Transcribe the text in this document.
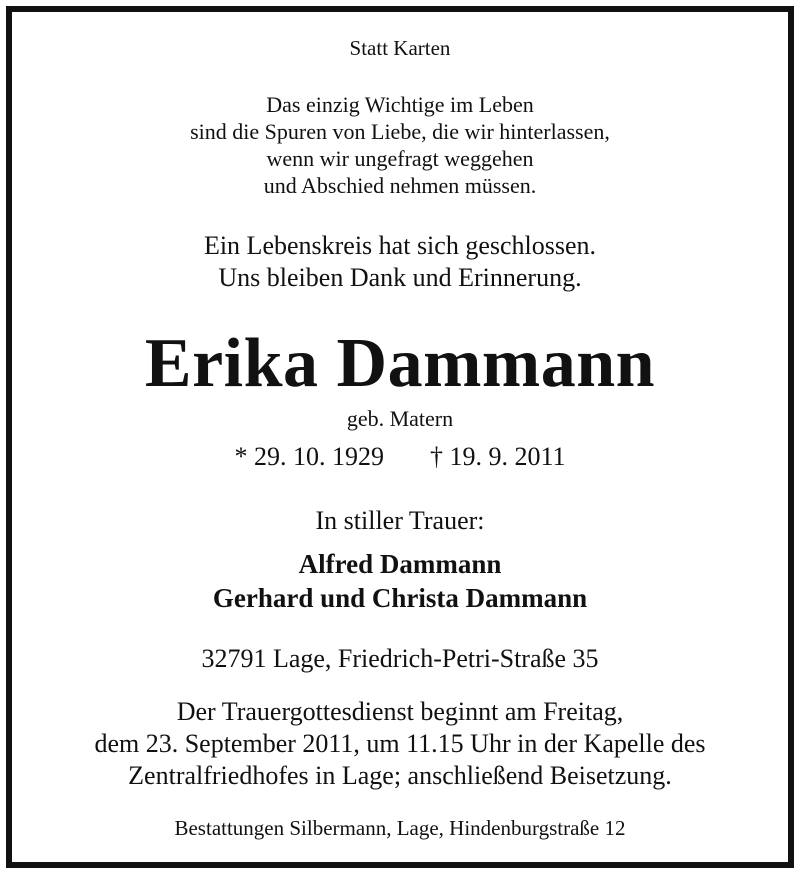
Statt Karten

Das einzig Wichtige im Leben

sind die Spuren von Liebe, die wir hinterlassen,

wenn wir ungefragt weggehen

und Abschied nehmen müssen.

Ein Lebenskreis hat sich geschlossen.

Uns bleiben Dank und Erinnerung.

Erika Dammann

geb. Matern

* 29. 10. 1929 † 19. 9. 2011

In stiller Trauer:

Alfred Dammann

Gerhard und Christa Dammann

32791 Lage, Friedrich-Petri-Straße 35

Der Trauergottesdienst beginnt am Freitag,

dem 23. September 2011, um 11.15 Uhr in der Kapelle des

Zentralfriedhofes in Lage; anschließend Beisetzung.

Bestattungen Silbermann, Lage, Hindenburgstraße 12
